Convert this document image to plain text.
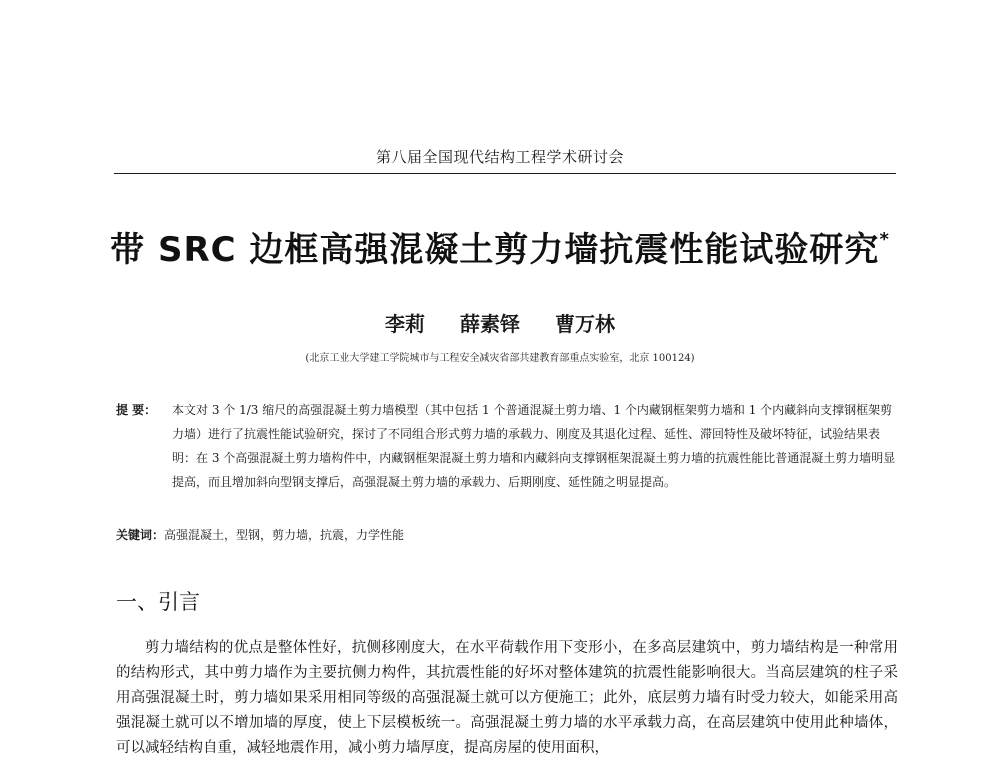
第八届全国现代结构工程学术研讨会
带 SRC 边框高强混凝土剪力墙抗震性能试验研究*
李莉 薛素铎 曹万林
(北京工业大学建工学院城市与工程安全减灾省部共建教育部重点实验室，北京 100124)
提 要： 本文对 3 个 1/3 缩尺的高强混凝土剪力墙模型（其中包括 1 个普通混凝土剪力墙、1 个内藏钢框架剪力墙和 1 个内藏斜向支撑钢框架剪力墙）进行了抗震性能试验研究，探讨了不同组合形式剪力墙的承载力、刚度及其退化过程、延性、滞回特性及破坏特征，试验结果表明：在 3 个高强混凝土剪力墙构件中，内藏钢框架混凝土剪力墙和内藏斜向支撑钢框架混凝土剪力墙的抗震性能比普通混凝土剪力墙明显提高，而且增加斜向型钢支撑后，高强混凝土剪力墙的承载力、后期刚度、延性随之明显提高。
关键词：高强混凝土，型钢，剪力墙，抗震，力学性能
一、引言
剪力墙结构的优点是整体性好，抗侧移刚度大，在水平荷载作用下变形小，在多高层建筑中，剪力墙结构是一种常用的结构形式，其中剪力墙作为主要抗侧力构件，其抗震性能的好坏对整体建筑的抗震性能影响很大。当高层建筑的柱子采用高强混凝土时，剪力墙如果采用相同等级的高强混凝土就可以方便施工；此外，底层剪力墙有时受力较大，如能采用高强混凝土就可以不增加墙的厚度，使上下层模板统一。高强混凝土剪力墙的水平承载力高，在高层建筑中使用此种墙体，可以减轻结构自重，减轻地震作用，减小剪力墙厚度，提高房屋的使用面积，
